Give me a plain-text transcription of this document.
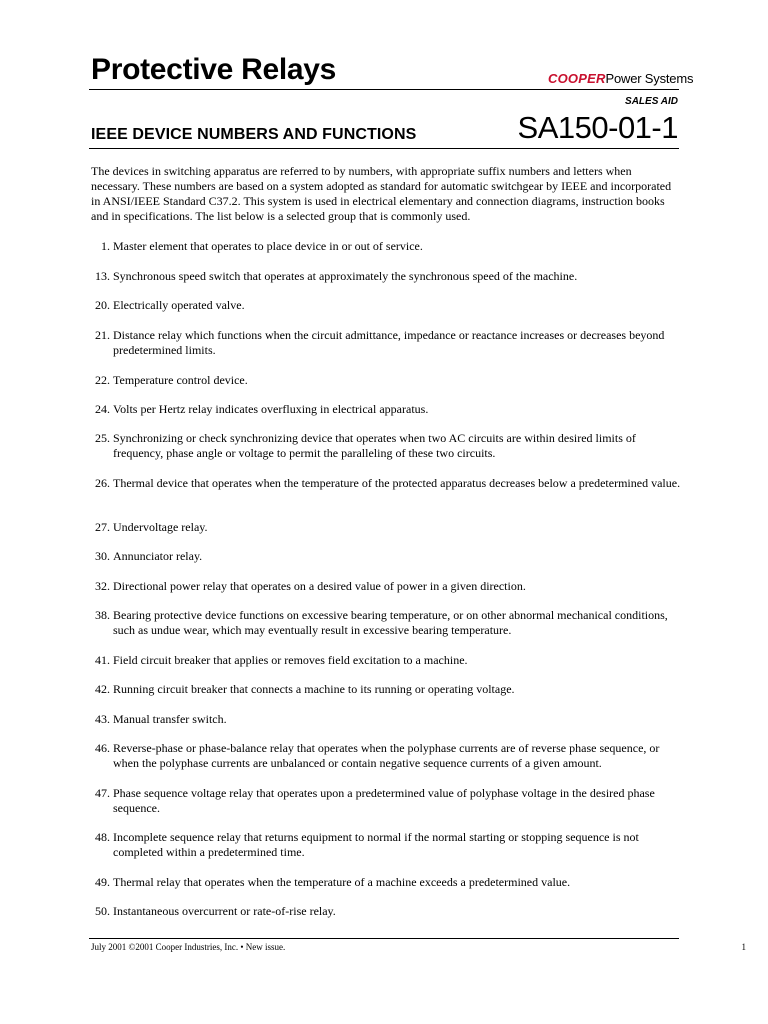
Protective Relays	COOPERPower Systems
SALES AID
IEEE DEVICE NUMBERS AND FUNCTIONS	SA150-01-1
The devices in switching apparatus are referred to by numbers, with appropriate suffix numbers and letters when necessary. These numbers are based on a system adopted as standard for automatic switchgear by IEEE and incorporated in ANSI/IEEE Standard C37.2. This system is used in electrical elementary and connection diagrams, instruction books and in specifications. The list below is a selected group that is commonly used.
1. Master element that operates to place device in or out of service.
13. Synchronous speed switch that operates at approximately the synchronous speed of the machine.
20. Electrically operated valve.
21. Distance relay which functions when the circuit admittance, impedance or reactance increases or decreases beyond predetermined limits.
22. Temperature control device.
24. Volts per Hertz relay indicates overfluxing in electrical apparatus.
25. Synchronizing or check synchronizing device that operates when two AC circuits are within desired limits of frequency, phase angle or voltage to permit the paralleling of these two circuits.
26. Thermal device that operates when the temperature of the protected apparatus decreases below a predetermined value.
27. Undervoltage relay.
30. Annunciator relay.
32. Directional power relay that operates on a desired value of power in a given direction.
38. Bearing protective device functions on excessive bearing temperature, or on other abnormal mechanical conditions, such as undue wear, which may eventually result in excessive bearing temperature.
41. Field circuit breaker that applies or removes field excitation to a machine.
42. Running circuit breaker that connects a machine to its running or operating voltage.
43. Manual transfer switch.
46. Reverse-phase or phase-balance relay that operates when the polyphase currents are of reverse phase sequence, or when the polyphase currents are unbalanced or contain negative sequence currents of a given amount.
47. Phase sequence voltage relay that operates upon a predetermined value of polyphase voltage in the desired phase sequence.
48. Incomplete sequence relay that returns equipment to normal if the normal starting or stopping sequence is not completed within a predetermined time.
49. Thermal relay that operates when the temperature of a machine exceeds a predetermined value.
50. Instantaneous overcurrent or rate-of-rise relay.
July 2001 ©2001 Cooper Industries, Inc. • New issue.	1
